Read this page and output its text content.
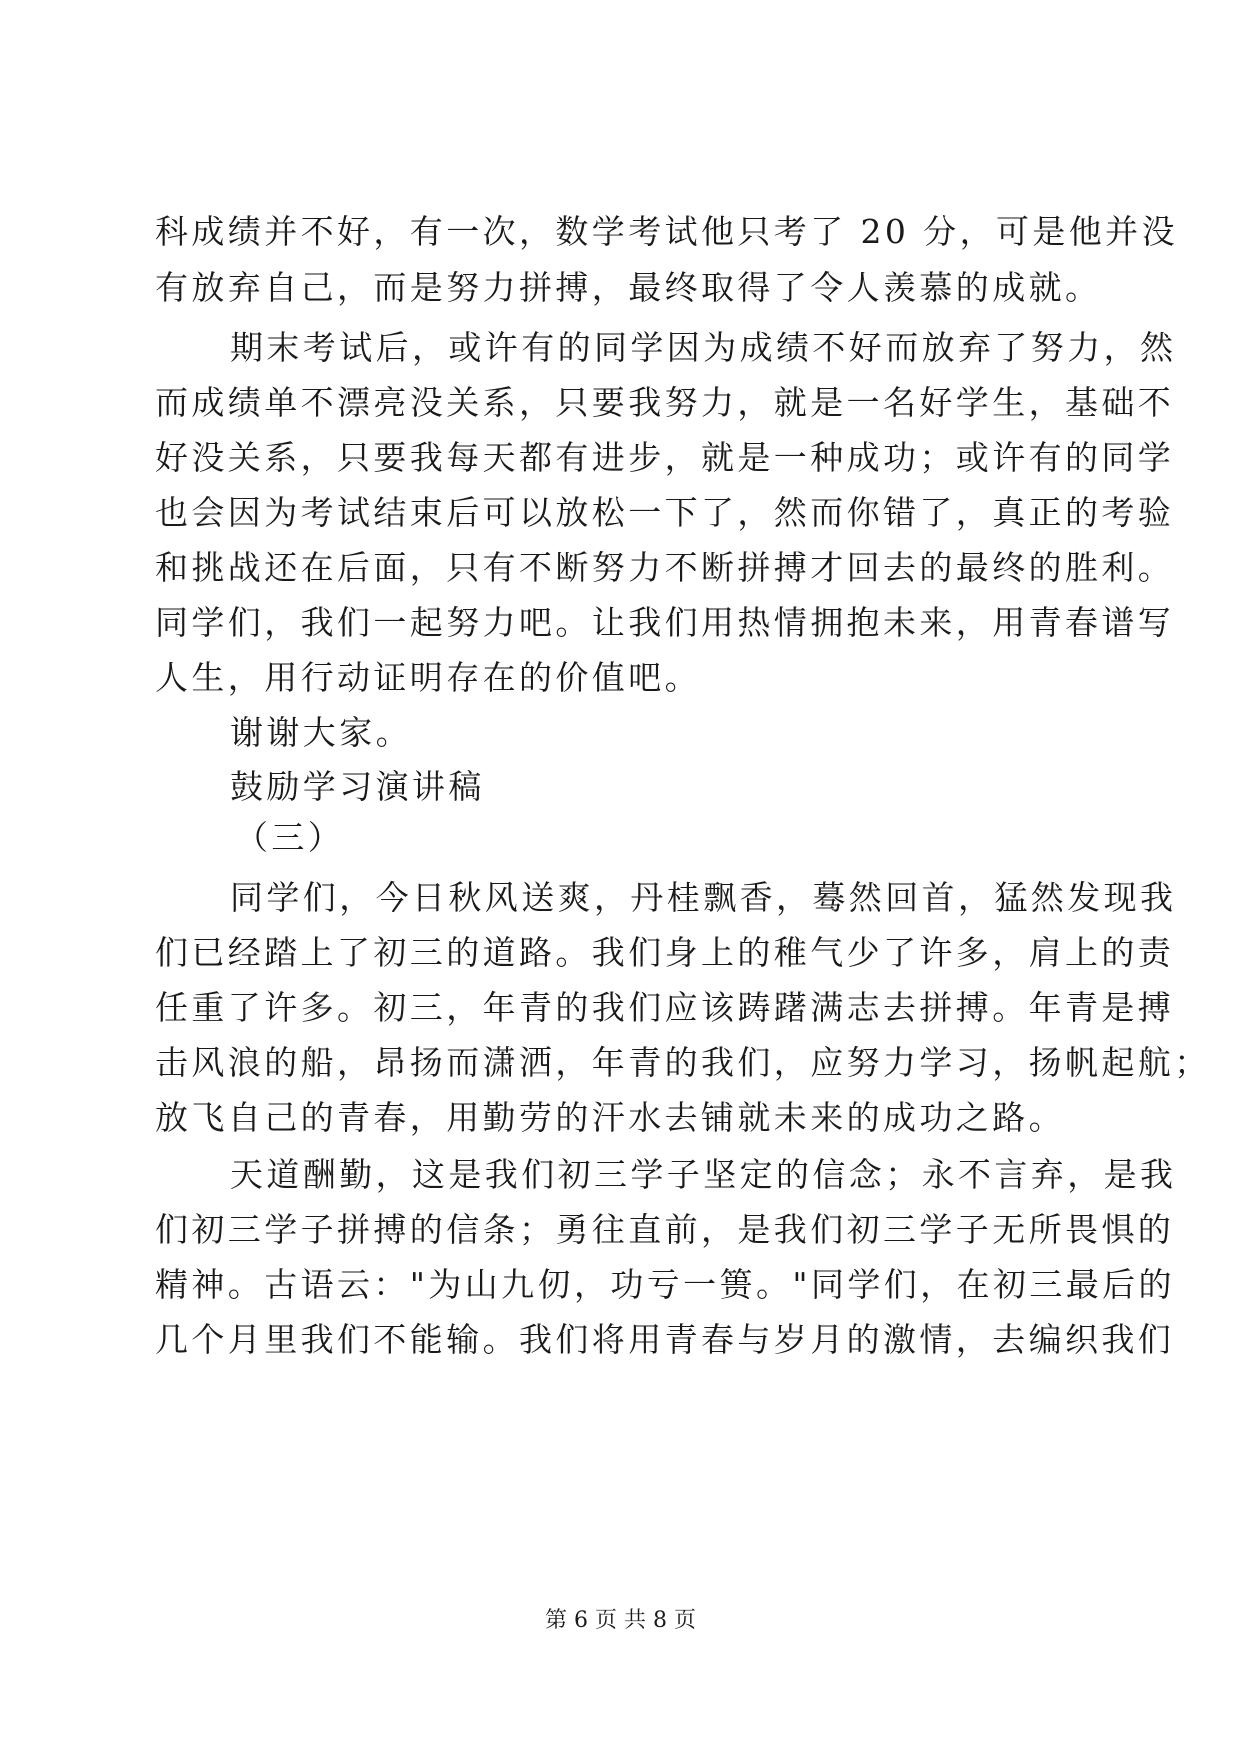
科成绩并不好，有一次，数学考试他只考了 20 分，可是他并没
有放弃自己，而是努力拼搏，最终取得了令人羡慕的成就。
期末考试后，或许有的同学因为成绩不好而放弃了努力，然
而成绩单不漂亮没关系，只要我努力，就是一名好学生，基础不
好没关系，只要我每天都有进步，就是一种成功；或许有的同学
也会因为考试结束后可以放松一下了，然而你错了，真正的考验
和挑战还在后面，只有不断努力不断拼搏才回去的最终的胜利。
同学们，我们一起努力吧。让我们用热情拥抱未来，用青春谱写
人生，用行动证明存在的价值吧。
谢谢大家。
鼓励学习演讲稿
（三）
同学们，今日秋风送爽，丹桂飘香，蓦然回首，猛然发现我
们已经踏上了初三的道路。我们身上的稚气少了许多，肩上的责
任重了许多。初三，年青的我们应该踌躇满志去拼搏。年青是搏
击风浪的船，昂扬而潇洒，年青的我们，应努力学习，扬帆起航；
放飞自己的青春，用勤劳的汗水去铺就未来的成功之路。
天道酬勤，这是我们初三学子坚定的信念；永不言弃，是我
们初三学子拼搏的信条；勇往直前，是我们初三学子无所畏惧的
精神。古语云："为山九仞，功亏一篑。"同学们，在初三最后的
几个月里我们不能输。我们将用青春与岁月的激情，去编织我们
第 6 页 共 8 页
